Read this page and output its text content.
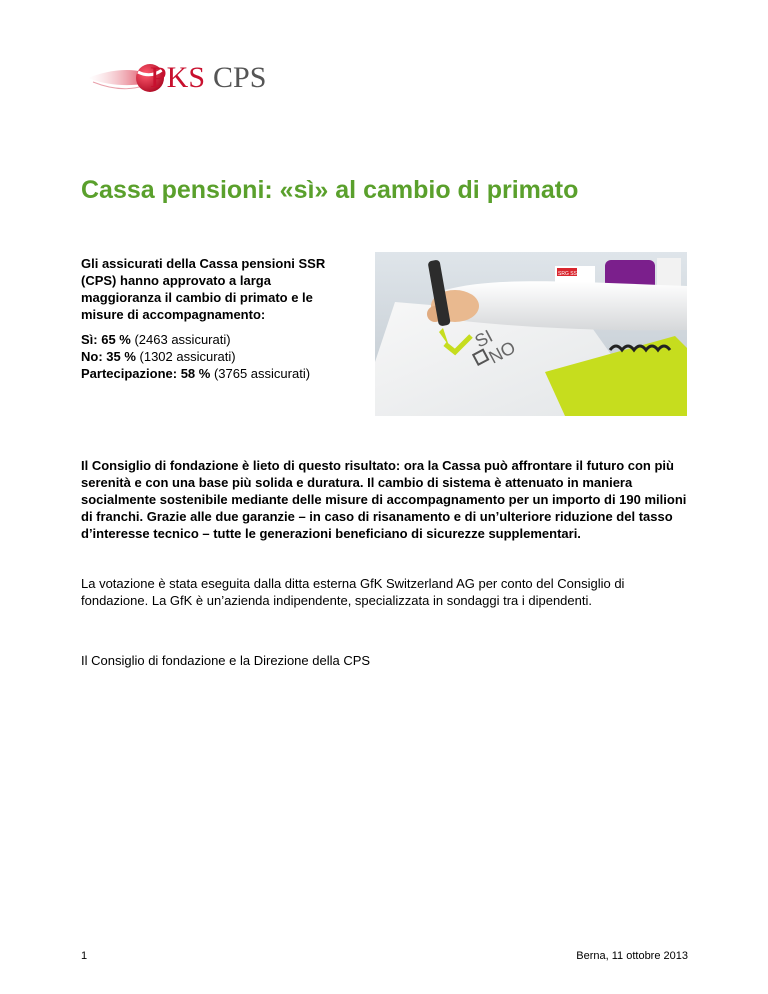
PKS CPS
Cassa pensioni: «sì» al cambio di primato

Gli assicurati della Cassa pensioni SSR (CPS) hanno approvato a larga maggioranza il cambio di primato e le misure di accompagnamento:

Sì: 65 % (2463 assicurati)
No: 35 % (1302 assicurati)
Partecipazione: 58 % (3765 assicurati)
SRG SSR
SI
NO

Il Consiglio di fondazione è lieto di questo risultato: ora la Cassa può affrontare il futuro con più serenità e con una base più solida e duratura. Il cambio di sistema è attenuato in maniera socialmente sostenibile mediante delle misure di accompagnamento per un importo di 190 milioni di franchi. Grazie alle due garanzie – in caso di risanamento e di un’ulteriore riduzione del tasso d’interesse tecnico – tutte le generazioni beneficiano di sicurezze supplementari.

La votazione è stata eseguita dalla ditta esterna GfK Switzerland AG per conto del Consiglio di fondazione. La GfK è un’azienda indipendente, specializzata in sondaggi tra i dipendenti.

Il Consiglio di fondazione e la Direzione della CPS

1	Berna, 11 ottobre 2013
